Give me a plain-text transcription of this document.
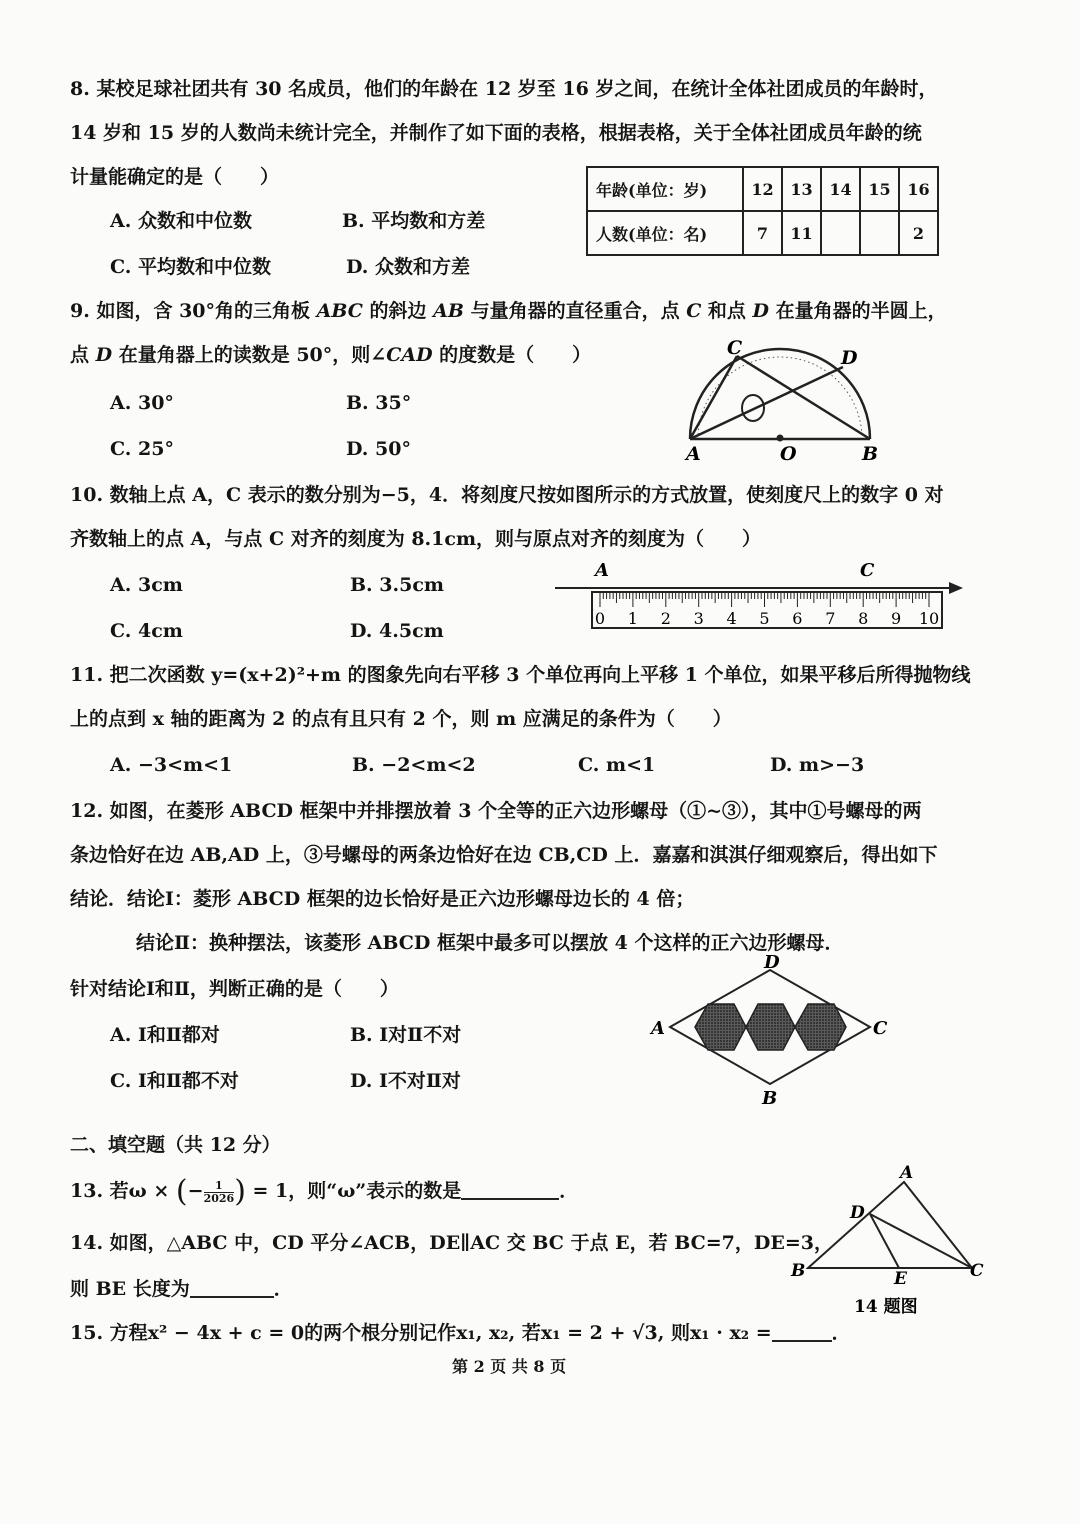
8. 某校足球社团共有 30 名成员，他们的年龄在 12 岁至 16 岁之间，在统计全体社团成员的年龄时，
14 岁和 15 岁的人数尚未统计完全，并制作了如下面的表格，根据表格，关于全体社团成员年龄的统
计量能确定的是（　　）
A. 众数和中位数	B. 平均数和方差
C. 平均数和中位数	D. 众数和方差
年龄(单位：岁)	12	13	14	15	16
人数(单位：名)	7	11			2
9. 如图，含 30°角的三角板 ABC 的斜边 AB 与量角器的直径重合，点 C 和点 D 在量角器的半圆上，
点 D 在量角器上的读数是 50°，则∠CAD 的度数是（　　）
A. 30°	B. 35°
C. 25°	D. 50°
C	D
A	O	B
10. 数轴上点 A，C 表示的数分别为−5，4．将刻度尺按如图所示的方式放置，使刻度尺上的数字 0 对
齐数轴上的点 A，与点 C 对齐的刻度为 8.1cm，则与原点对齐的刻度为（　　）
A. 3cm	B. 3.5cm
C. 4cm	D. 4.5cm
A	C
0 1 2 3 4 5 6 7 8 9 10
11. 把二次函数 y=(x+2)²+m 的图象先向右平移 3 个单位再向上平移 1 个单位，如果平移后所得抛物线
上的点到 x 轴的距离为 2 的点有且只有 2 个，则 m 应满足的条件为（　　）
A. −3<m<1	B. −2<m<2	C. m<1	D. m>−3
12. 如图，在菱形 ABCD 框架中并排摆放着 3 个全等的正六边形螺母（①~③），其中①号螺母的两
条边恰好在边 AB,AD 上，③号螺母的两条边恰好在边 CB,CD 上．嘉嘉和淇淇仔细观察后，得出如下
结论．结论Ⅰ：菱形 ABCD 框架的边长恰好是正六边形螺母边长的 4 倍；
结论Ⅱ：换种摆法，该菱形 ABCD 框架中最多可以摆放 4 个这样的正六边形螺母．
针对结论Ⅰ和Ⅱ，判断正确的是（　　）
A. Ⅰ和Ⅱ都对	B. Ⅰ对Ⅱ不对
C. Ⅰ和Ⅱ都不对	D. Ⅰ不对Ⅱ对
D
A	C
B
二、填空题（共 12 分）
13. 若ω × (− $\frac{1}{2026}$ ) = 1，则“ω”表示的数是	．
14. 如图，△ABC 中，CD 平分∠ACB，DE∥AC 交 BC 于点 E，若 BC=7，DE=3，
则 BE 长度为	．
A
D
B	E	C
14 题图
15. 方程x² − 4x + c = 0的两个根分别记作x₁, x₂, 若x₁ = 2 + √3, 则x₁ · x₂ =	．
第 2 页 共 8 页
